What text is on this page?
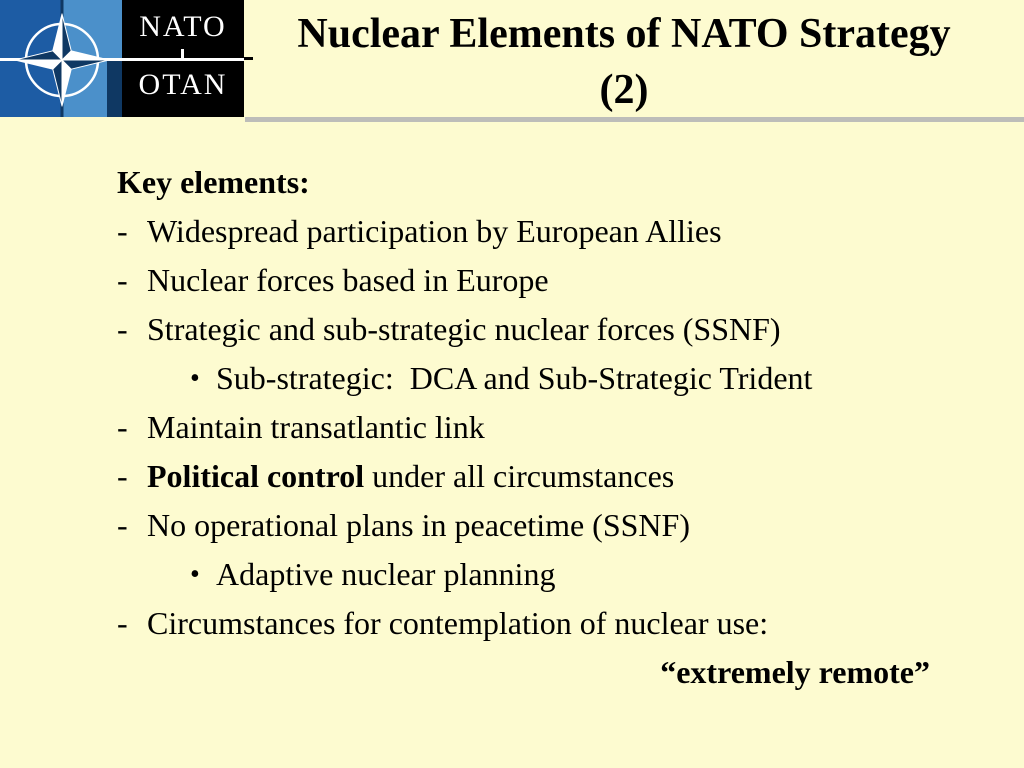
NATO
OTAN
Nuclear Elements of NATO Strategy
(2)
Key elements:
- Widespread participation by European Allies
- Nuclear forces based in Europe
- Strategic and sub-strategic nuclear forces (SSNF)
• Sub-strategic:  DCA and Sub-Strategic Trident
- Maintain transatlantic link
- Political control under all circumstances
- No operational plans in peacetime (SSNF)
• Adaptive nuclear planning
- Circumstances for contemplation of nuclear use:
“extremely remote”
